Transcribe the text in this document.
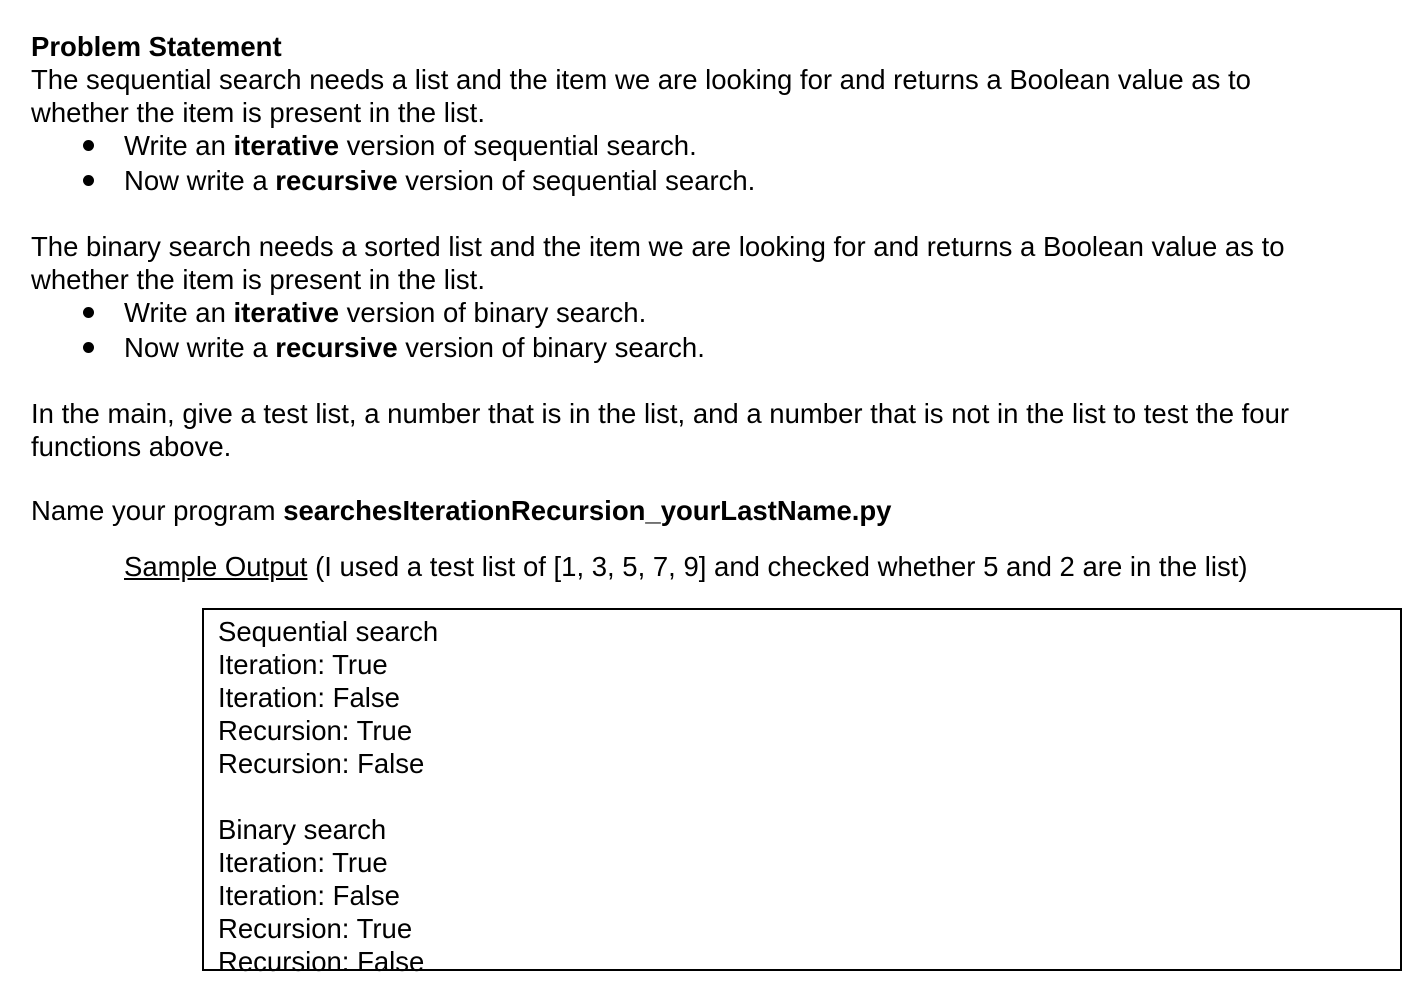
Problem Statement
The sequential search needs a list and the item we are looking for and returns a Boolean value as to
whether the item is present in the list.
Write an iterative version of sequential search.
Now write a recursive version of sequential search.
The binary search needs a sorted list and the item we are looking for and returns a Boolean value as to
whether the item is present in the list.
Write an iterative version of binary search.
Now write a recursive version of binary search.
In the main, give a test list, a number that is in the list, and a number that is not in the list to test the four
functions above.
Name your program searchesIterationRecursion_yourLastName.py
Sample Output (I used a test list of [1, 3, 5, 7, 9] and checked whether 5 and 2 are in the list)
Sequential search
Iteration: True
Iteration: False
Recursion: True
Recursion: False
Binary search
Iteration: True
Iteration: False
Recursion: True
Recursion: False
